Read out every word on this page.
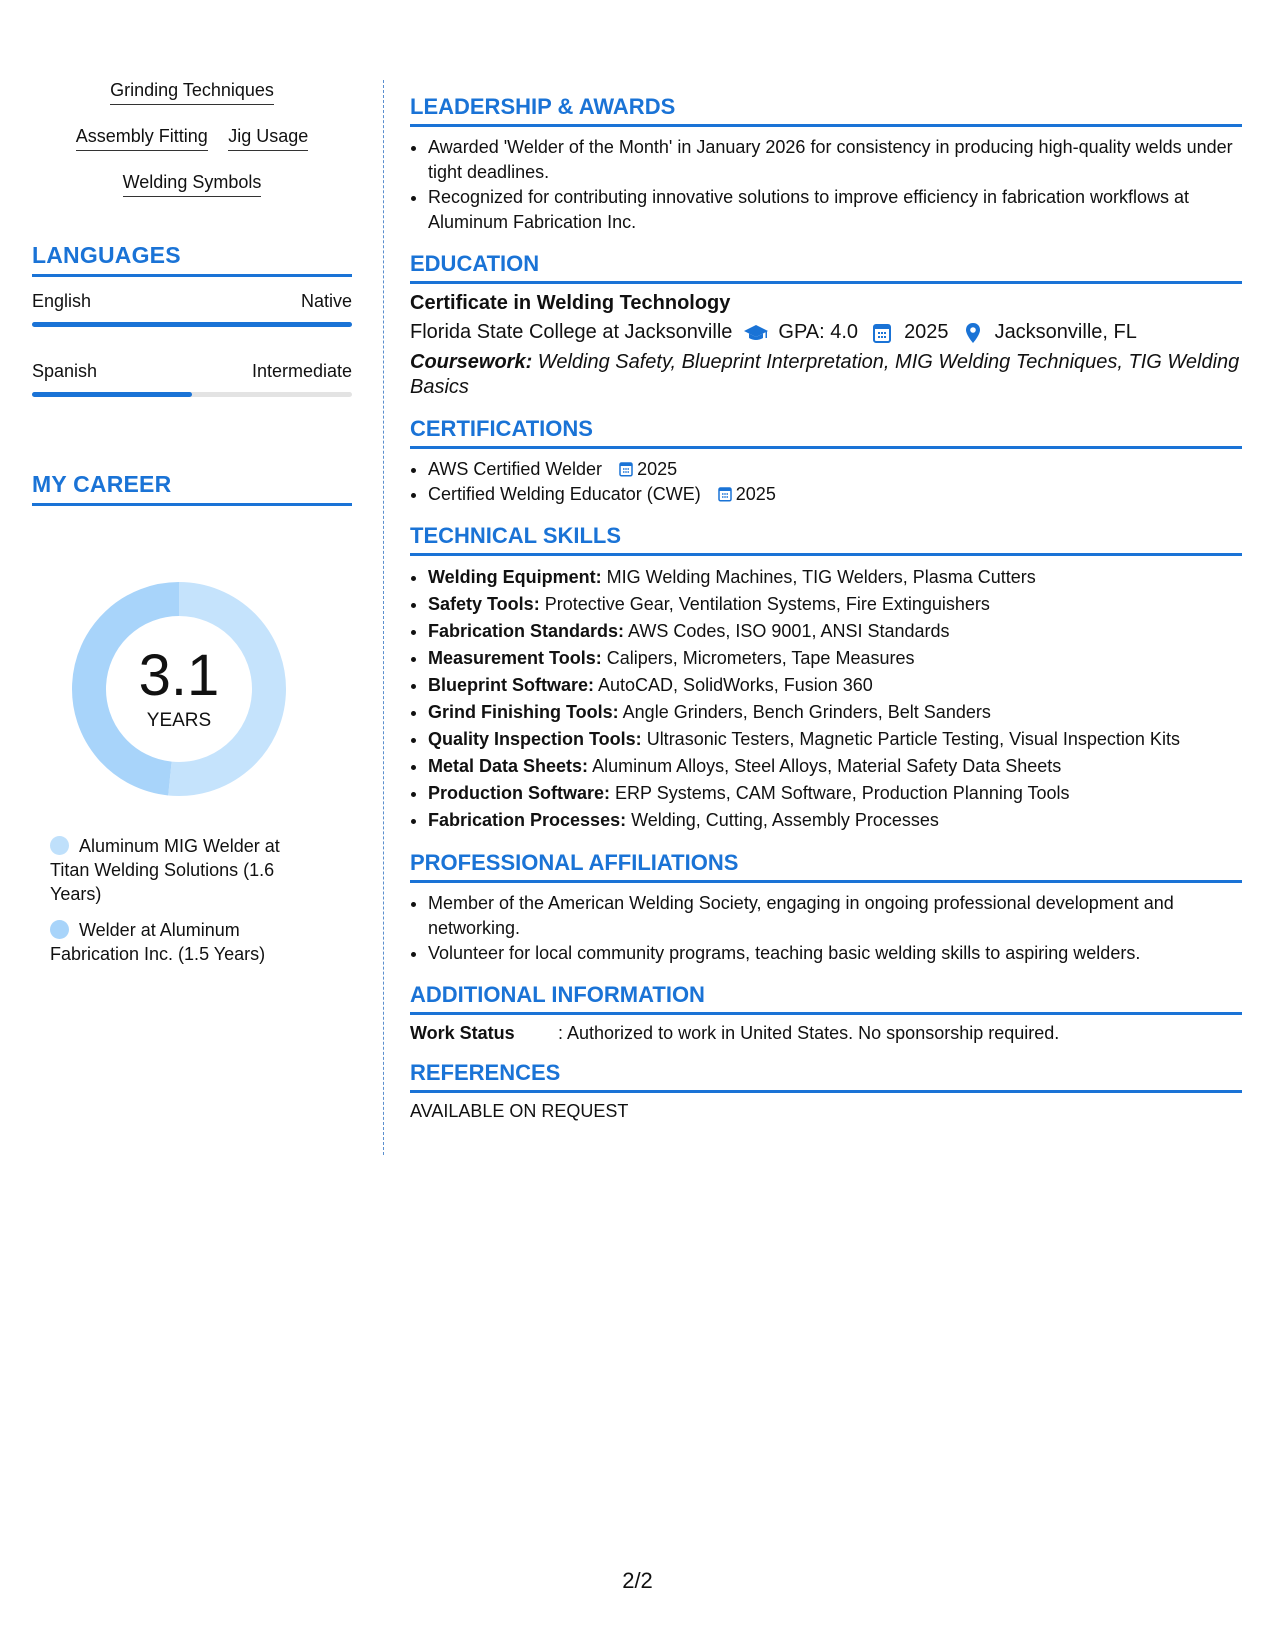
Grinding Techniques
Assembly Fitting Jig Usage
Welding Symbols
LANGUAGES
English	Native
Spanish	Intermediate
MY CAREER
3.1
YEARS
Aluminum MIG Welder at Titan Welding Solutions (1.6 Years)
Welder at Aluminum Fabrication Inc. (1.5 Years)
LEADERSHIP & AWARDS
• Awarded 'Welder of the Month' in January 2026 for consistency in producing high-quality welds under tight deadlines.
• Recognized for contributing innovative solutions to improve efficiency in fabrication workflows at Aluminum Fabrication Inc.
EDUCATION
Certificate in Welding Technology
Florida State College at Jacksonville GPA: 4.0 2025 Jacksonville, FL
Coursework: Welding Safety, Blueprint Interpretation, MIG Welding Techniques, TIG Welding Basics
CERTIFICATIONS
• AWS Certified Welder 2025
• Certified Welding Educator (CWE) 2025
TECHNICAL SKILLS
• Welding Equipment: MIG Welding Machines, TIG Welders, Plasma Cutters
• Safety Tools: Protective Gear, Ventilation Systems, Fire Extinguishers
• Fabrication Standards: AWS Codes, ISO 9001, ANSI Standards
• Measurement Tools: Calipers, Micrometers, Tape Measures
• Blueprint Software: AutoCAD, SolidWorks, Fusion 360
• Grind Finishing Tools: Angle Grinders, Bench Grinders, Belt Sanders
• Quality Inspection Tools: Ultrasonic Testers, Magnetic Particle Testing, Visual Inspection Kits
• Metal Data Sheets: Aluminum Alloys, Steel Alloys, Material Safety Data Sheets
• Production Software: ERP Systems, CAM Software, Production Planning Tools
• Fabrication Processes: Welding, Cutting, Assembly Processes
PROFESSIONAL AFFILIATIONS
• Member of the American Welding Society, engaging in ongoing professional development and networking.
• Volunteer for local community programs, teaching basic welding skills to aspiring welders.
ADDITIONAL INFORMATION
Work Status	: Authorized to work in United States. No sponsorship required.
REFERENCES
AVAILABLE ON REQUEST
2/2
